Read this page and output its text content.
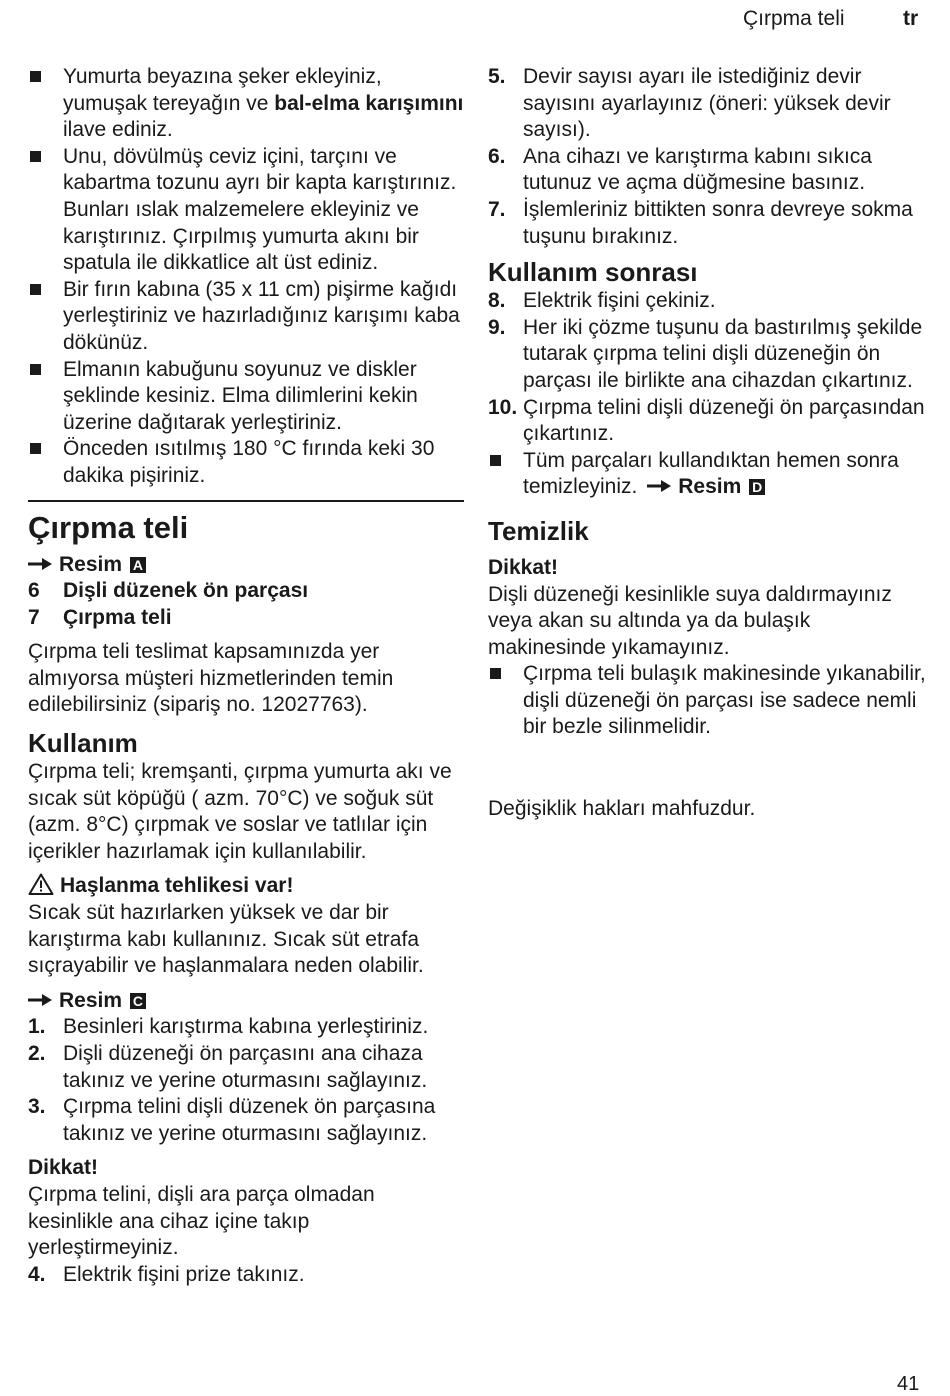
Çırpma teli	tr
Yumurta beyazına şeker ekleyiniz, yumuşak tereyağın ve bal-elma karışımını ilave ediniz.
Unu, dövülmüş ceviz içini, tarçını ve kabartma tozunu ayrı bir kapta karıştırınız. Bunları ıslak malzemelere ekleyiniz ve karıştırınız. Çırpılmış yumurta akını bir spatula ile dikkatlice alt üst ediniz.
Bir fırın kabına (35 x 11 cm) pişirme kağıdı yerleştiriniz ve hazırladığınız karışımı kaba dökünüz.
Elmanın kabuğunu soyunuz ve diskler şeklinde kesiniz. Elma dilimlerini kekin üzerine dağıtarak yerleştiriniz.
Önceden ısıtılmış 180 °C fırında keki 30 dakika pişiriniz.
Çırpma teli
Resim A
6 Dişli düzenek ön parçası
7 Çırpma teli

Çırpma teli teslimat kapsamınızda yer almıyorsa müşteri hizmetlerinden temin edilebilirsiniz (sipariş no. 12027763).

Kullanım

Çırpma teli; kremşanti, çırpma yumurta akı ve sıcak süt köpüğü ( azm. 70°C) ve soğuk süt (azm. 8°C) çırpmak ve soslar ve tatlılar için içerikler hazırlamak için kullanılabilir.

Haşlanma tehlikesi var!

Sıcak süt hazırlarken yüksek ve dar bir karıştırma kabı kullanınız. Sıcak süt etrafa sıçrayabilir ve haşlanmalara neden olabilir.

Resim C
1. Besinleri karıştırma kabına yerleştiriniz.
2. Dişli düzeneği ön parçasını ana cihaza takınız ve yerine oturmasını sağlayınız.
3. Çırpma telini dişli düzenek ön parçasına takınız ve yerine oturmasını sağlayınız.
Dikkat!

Çırpma telini, dişli ara parça olmadan kesinlikle ana cihaz içine takıp yerleştirmeyiniz.

4. Elektrik fişini prize takınız.
5. Devir sayısı ayarı ile istediğiniz devir sayısını ayarlayınız (öneri: yüksek devir sayısı).
6. Ana cihazı ve karıştırma kabını sıkıca tutunuz ve açma düğmesine basınız.
7. İşlemleriniz bittikten sonra devreye sokma tuşunu bırakınız.
Kullanım sonrası
8. Elektrik fişini çekiniz.
9. Her iki çözme tuşunu da bastırılmış şekilde tutarak çırpma telini dişli düzeneğin ön parçası ile birlikte ana cihazdan çıkartınız.
10. Çırpma telini dişli düzeneği ön parçasından çıkartınız.
Tüm parçaları kullandıktan hemen sonra temizleyiniz. Resim D
Temizlik
Dikkat!

Dişli düzeneği kesinlikle suya daldırmayınız veya akan su altında ya da bulaşık makinesinde yıkamayınız.

Çırpma teli bulaşık makinesinde yıkanabilir, dişli düzeneği ön parçası ise sadece nemli bir bezle silinmelidir.

Değişiklik hakları mahfuzdur.

41
